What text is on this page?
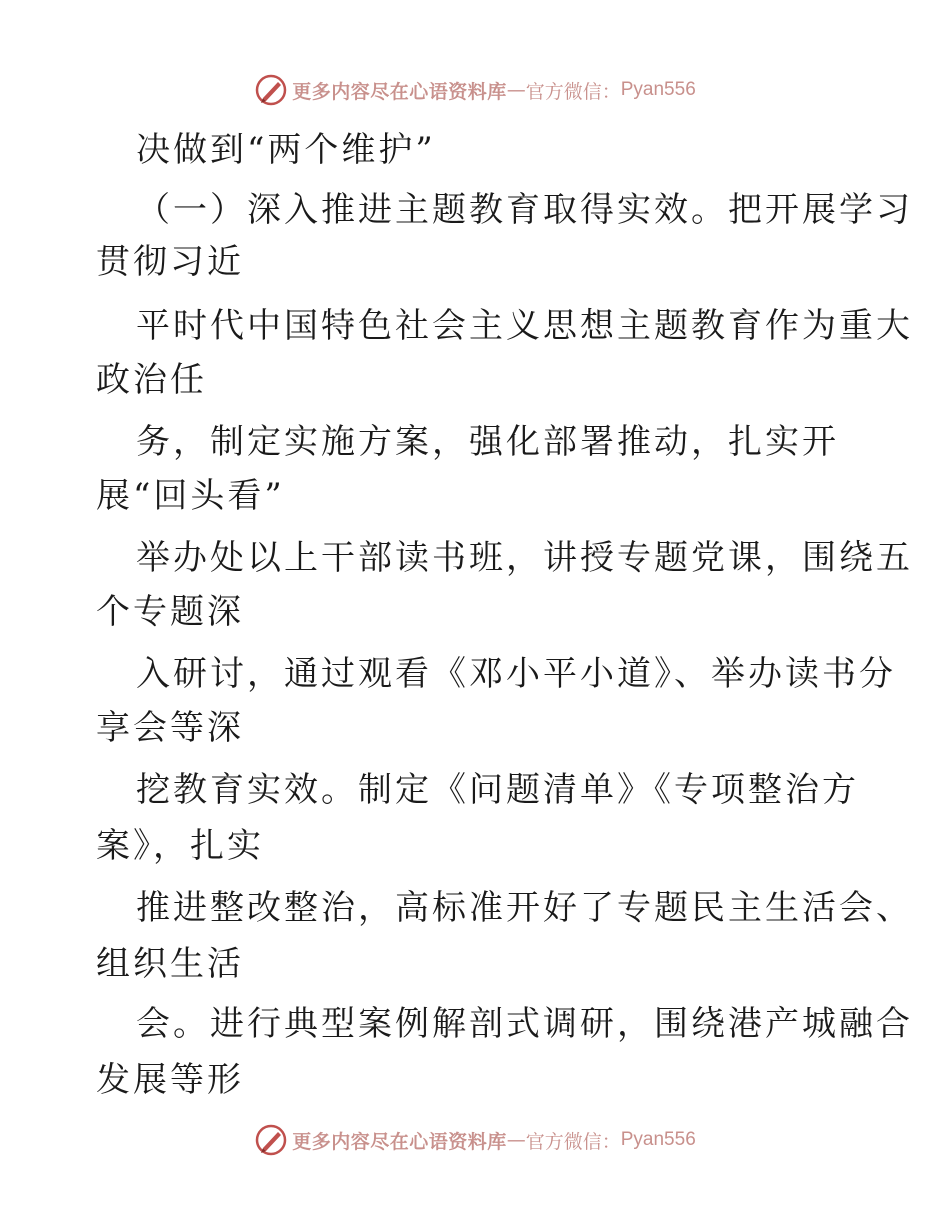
更多内容尽在心语资料库 — 官方微信： Pyan556
决做到“两个维护”
（一）深入推进主题教育取得实效。把开展学习
贯彻习近
平时代中国特色社会主义思想主题教育作为重大
政治任
务，制定实施方案，强化部署推动，扎实开
展“回头看”
举办处以上干部读书班，讲授专题党课，围绕五
个专题深
入研讨，通过观看《邓小平小道》、举办读书分
享会等深
挖教育实效。制定《问题清单》《专项整治方
案》，扎实
推进整改整治，高标准开好了专题民主生活会、
组织生活
会。进行典型案例解剖式调研，围绕港产城融合
发展等形
更多内容尽在心语资料库 — 官方微信： Pyan556
